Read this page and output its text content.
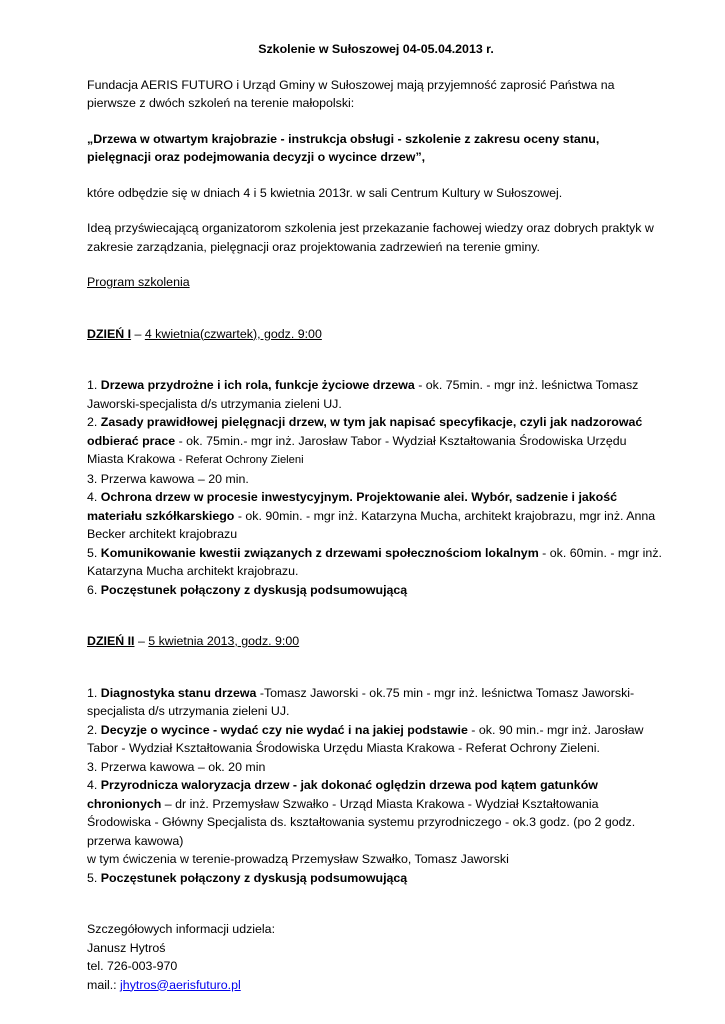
Szkolenie w Sułoszowej 04-05.04.2013 r.

Fundacja AERIS FUTURO i Urząd Gminy w Sułoszowej mają przyjemność zaprosić Państwa na pierwsze z dwóch szkoleń na terenie małopolski:

„Drzewa w otwartym krajobrazie - instrukcja obsługi - szkolenie z zakresu oceny stanu, pielęgnacji oraz podejmowania decyzji o wycince drzew”,

które odbędzie się w dniach 4 i 5 kwietnia 2013r. w sali Centrum Kultury w Sułoszowej.

Ideą przyświecającą organizatorom szkolenia jest przekazanie fachowej wiedzy oraz dobrych praktyk w zakresie zarządzania, pielęgnacji oraz projektowania zadrzewień na terenie gminy.

Program szkolenia

DZIEŃ I – 4 kwietnia(czwartek), godz. 9:00

1. Drzewa przydrożne i ich rola, funkcje życiowe drzewa - ok. 75min. - mgr inż. leśnictwa Tomasz Jaworski-specjalista d/s utrzymania zieleni UJ.

2. Zasady prawidłowej pielęgnacji drzew, w tym jak napisać specyfikacje, czyli jak nadzorować odbierać prace - ok. 75min.- mgr inż. Jarosław Tabor - Wydział Kształtowania Środowiska Urzędu Miasta Krakowa - Referat Ochrony Zieleni

3. Przerwa kawowa – 20 min.

4. Ochrona drzew w procesie inwestycyjnym. Projektowanie alei. Wybór, sadzenie i jakość materiału szkółkarskiego - ok. 90min. - mgr inż. Katarzyna Mucha, architekt krajobrazu, mgr inż. Anna Becker architekt krajobrazu

5. Komunikowanie kwestii związanych z drzewami społecznościom lokalnym - ok. 60min. - mgr inż. Katarzyna Mucha architekt krajobrazu.

6. Poczęstunek połączony z dyskusją podsumowującą

DZIEŃ II – 5 kwietnia 2013, godz. 9:00

1. Diagnostyka stanu drzewa -Tomasz Jaworski - ok.75 min - mgr inż. leśnictwa Tomasz Jaworski-specjalista d/s utrzymania zieleni UJ.

2. Decyzje o wycince - wydać czy nie wydać i na jakiej podstawie - ok. 90 min.- mgr inż. Jarosław Tabor - Wydział Kształtowania Środowiska Urzędu Miasta Krakowa - Referat Ochrony Zieleni.

3. Przerwa kawowa – ok. 20 min

4. Przyrodnicza waloryzacja drzew - jak dokonać oględzin drzewa pod kątem gatunków chronionych – dr inż. Przemysław Szwałko - Urząd Miasta Krakowa - Wydział Kształtowania Środowiska - Główny Specjalista ds. kształtowania systemu przyrodniczego - ok.3 godz. (po 2 godz. przerwa kawowa)

w tym ćwiczenia w terenie-prowadzą Przemysław Szwałko, Tomasz Jaworski

5. Poczęstunek połączony z dyskusją podsumowującą

Szczegółowych informacji udziela:

Janusz Hytroś

tel. 726-003-970

mail.: jhytros@aerisfuturo.pl
